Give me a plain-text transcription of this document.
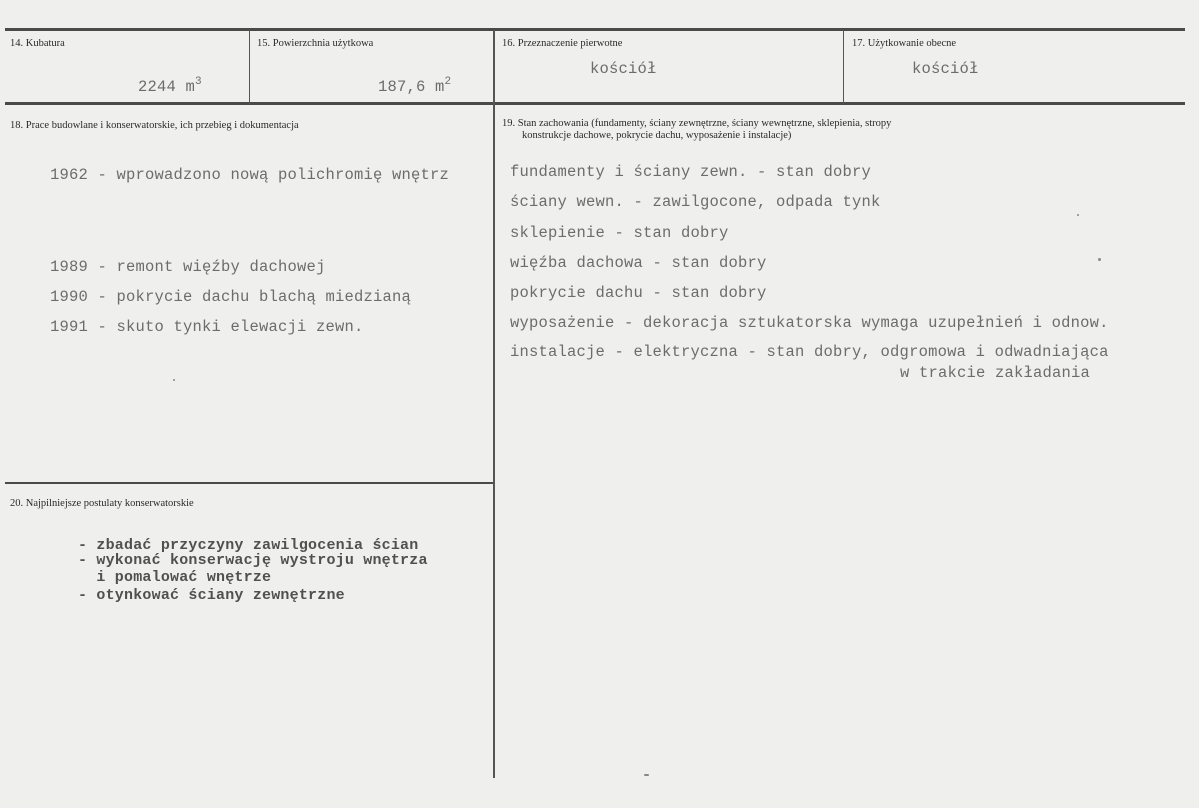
14. Kubatura

2244 $m^3$

15. Powierzchnia użytkowa

187,6 $m^2$

16. Przeznaczenie pierwotne
kościół
17. Użytkowanie obecne
kościół
18. Prace budowlane i konserwatorskie, ich przebieg i dokumentacja
1962 - wprowadzono nową polichromię wnętrz
1989 - remont więźby dachowej
1990 - pokrycie dachu blachą miedzianą
1991 - skuto tynki elewacji zewn.
19. Stan zachowania (fundamenty, ściany zewnętrzne, ściany wewnętrzne, sklepienia, stropy
konstrukcje dachowe, pokrycie dachu, wyposażenie i instalacje)
fundamenty i ściany zewn. - stan dobry
ściany wewn. - zawilgocone, odpada tynk
sklepienie - stan dobry
więźba dachowa - stan dobry
pokrycie dachu - stan dobry
wyposażenie - dekoracja sztukatorska wymaga uzupełnień i odnow.
instalacje - elektryczna - stan dobry, odgromowa i odwadniająca
w trakcie zakładania
20. Najpilniejsze postulaty konserwatorskie
- zbadać przyczyny zawilgocenia ścian
- wykonać konserwację wystroju wnętrza
i pomalować wnętrze
- otynkować ściany zewnętrzne
